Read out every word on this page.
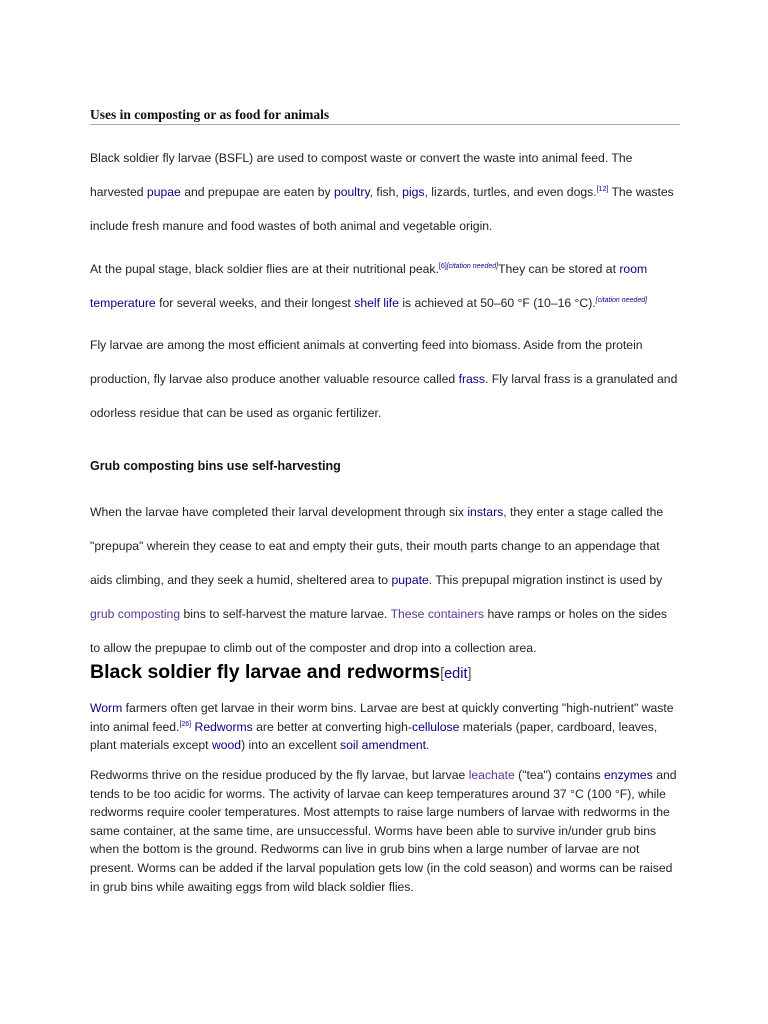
Uses in composting or as food for animals

Black soldier fly larvae (BSFL) are used to compost waste or convert the waste into animal feed. The harvested pupae and prepupae are eaten by poultry, fish, pigs, lizards, turtles, and even dogs.[12] The wastes include fresh manure and food wastes of both animal and vegetable origin.

At the pupal stage, black soldier flies are at their nutritional peak.[6][citation needed]They can be stored at room temperature for several weeks, and their longest shelf life is achieved at 50–60 °F (10–16 °C).[citation needed]

Fly larvae are among the most efficient animals at converting feed into biomass. Aside from the protein production, fly larvae also produce another valuable resource called frass. Fly larval frass is a granulated and odorless residue that can be used as organic fertilizer.

Grub composting bins use self-harvesting

When the larvae have completed their larval development through six instars, they enter a stage called the "prepupa" wherein they cease to eat and empty their guts, their mouth parts change to an appendage that aids climbing, and they seek a humid, sheltered area to pupate. This prepupal migration instinct is used by grub composting bins to self-harvest the mature larvae. These containers have ramps or holes on the sides to allow the prepupae to climb out of the composter and drop into a collection area.

Black soldier fly larvae and redworms[edit]

Worm farmers often get larvae in their worm bins. Larvae are best at quickly converting "high-nutrient" waste into animal feed.[26] Redworms are better at converting high-cellulose materials (paper, cardboard, leaves, plant materials except wood) into an excellent soil amendment.

Redworms thrive on the residue produced by the fly larvae, but larvae leachate ("tea") contains enzymes and tends to be too acidic for worms. The activity of larvae can keep temperatures around 37 °C (100 °F), while redworms require cooler temperatures. Most attempts to raise large numbers of larvae with redworms in the same container, at the same time, are unsuccessful. Worms have been able to survive in/under grub bins when the bottom is the ground. Redworms can live in grub bins when a large number of larvae are not present. Worms can be added if the larval population gets low (in the cold season) and worms can be raised in grub bins while awaiting eggs from wild black soldier flies.
